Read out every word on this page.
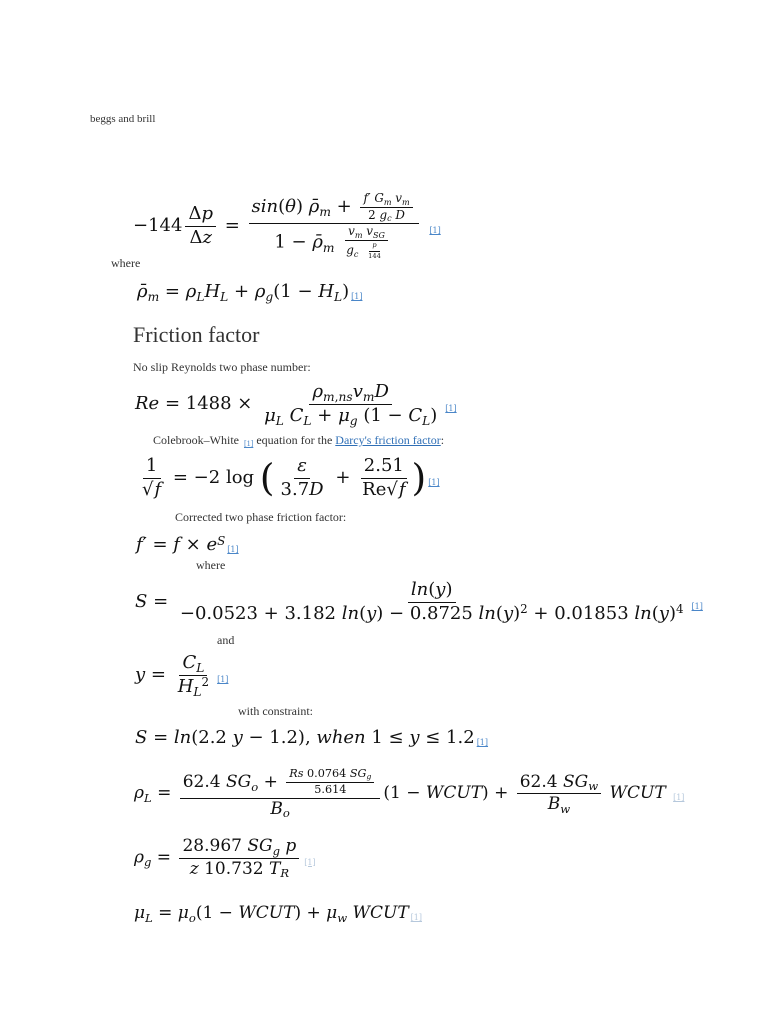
beggs and brill
$-144 \frac{\Delta p}{\Delta z} = \frac{\sin(\theta) \rhō_m + \frac{f' G_m v_m}{2 g_c D}}{1 - \rhō_m \frac{v_m v_{SG}}{g_c \frac{p}{144}}} [1]$
where
$\rhō_m = \rho_LH_L + \rho_g(1 - H_L)$ [1]
Friction factor
No slip Reynolds two phase number:
$Re = 1488 \times \frac{\rho_{m,ns}v_mD}{\mu_L C_L + \mu_g (1 - C_L)} [1]$
Colebrook–White [1] equation for the Darcy's friction factor:
$\frac{1}{√f} = -2$ log ( $\frac{\varepsilon}{3.7D} + \frac{2.51}{Re√f}$ ) [1]
Corrected two phase friction factor:
$f' = f \times e^S[1]$
where
$S = \frac{\ln(y)}{-0.0523 + 3.182 \ln(y) - 0.8725 \ln(y)^2 + 0.01853 \ln(y)^4} [1]$
and
$y = \frac{C_L}{H_L^2} [1]$
with constraint:
S = ln(2.2 y − 1.2), when 1 ≤ y ≤ 1.2 [1]
$\rho_L = \frac{62.4 SG_o + \frac{Rs 0.0764 SG_g}{5.614}}{B_o} (1$ − WCUT) + $\frac{62.4 SG_w}{B_w}$ WCUT [1]
$\rho_g = \frac{28.967 SG_g p}{z 10.732 T_R} [1]$
$\mu_L = \mu_o(1$ − WCUT) + $\mu_w$ WCUT [1]
